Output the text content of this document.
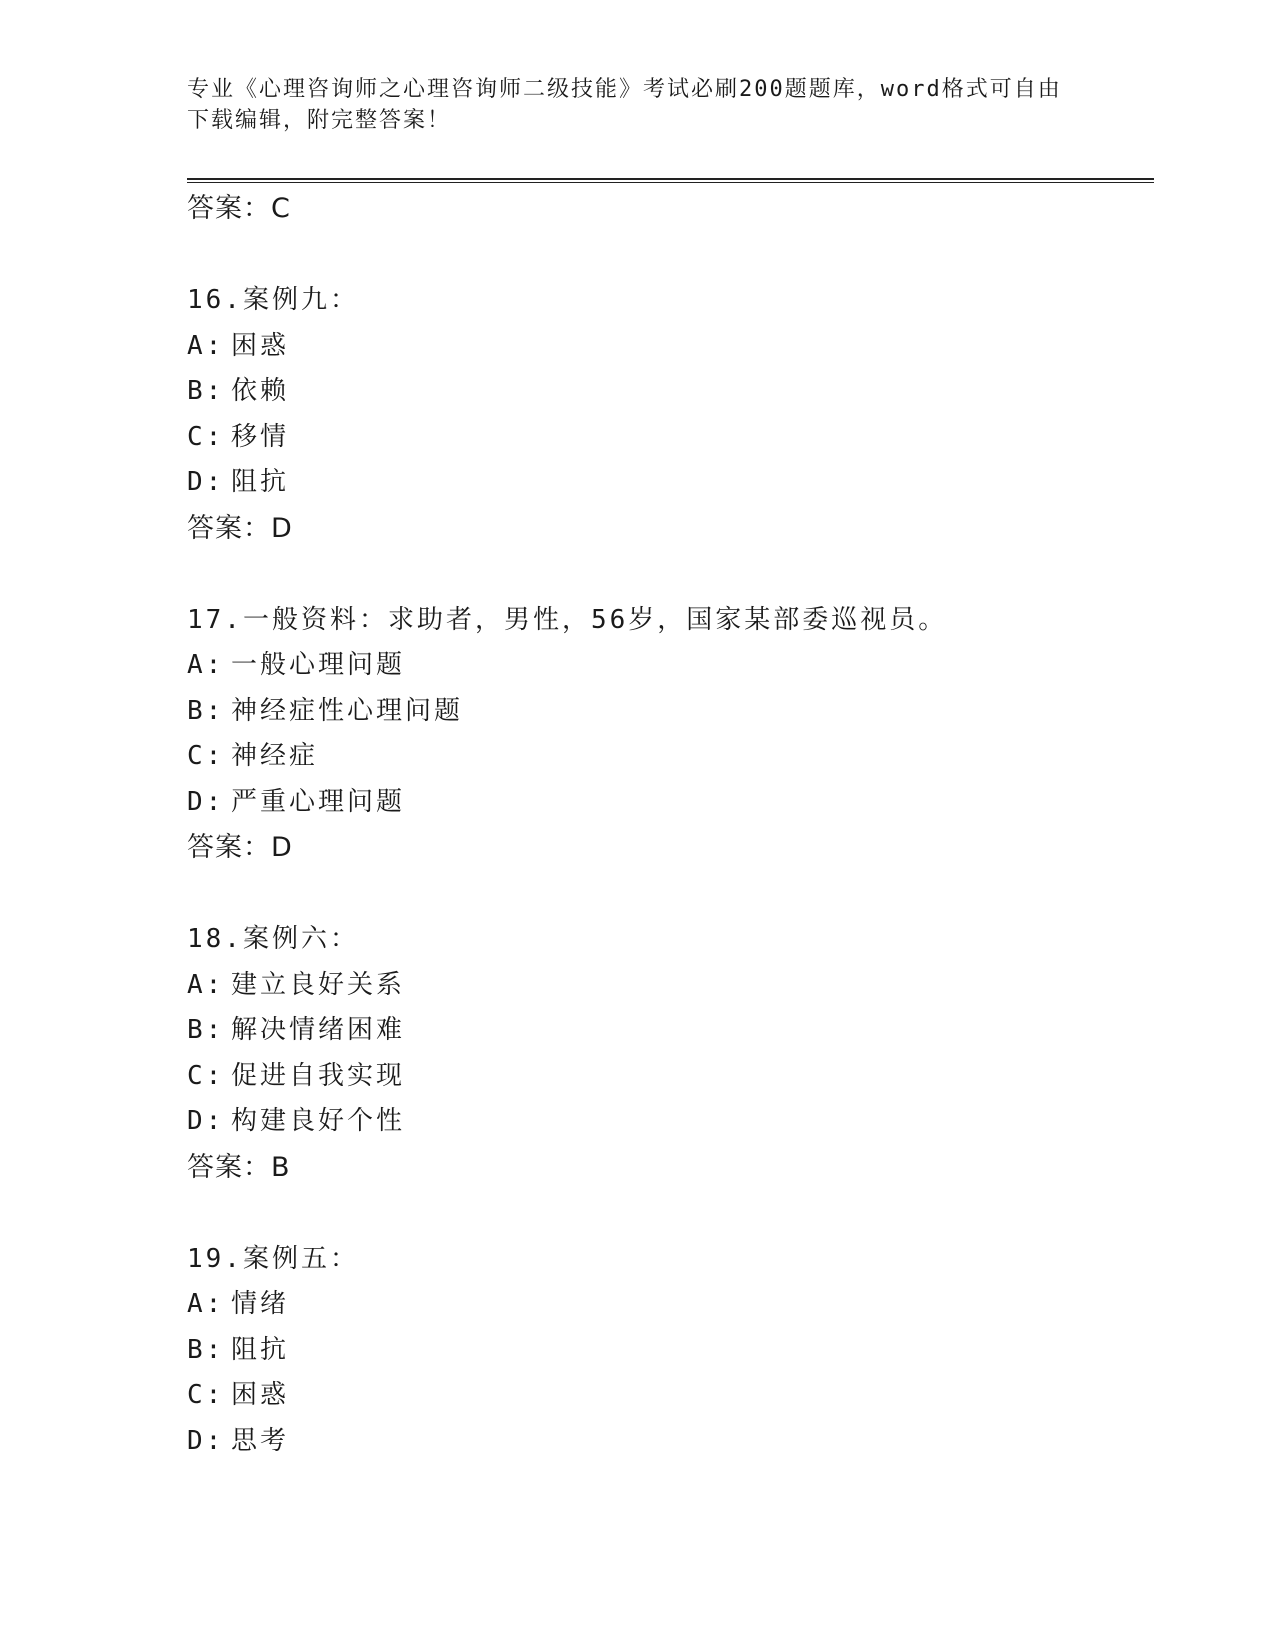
专业《心理咨询师之心理咨询师二级技能》考试必刷200题题库，word格式可自由下载编辑，附完整答案！
答案：C
16.案例九：
A: 困惑
B: 依赖
C: 移情
D: 阻抗
答案：D
17.一般资料：求助者，男性，56岁，国家某部委巡视员。
A: 一般心理问题
B: 神经症性心理问题
C: 神经症
D: 严重心理问题
答案：D
18.案例六：
A: 建立良好关系
B: 解决情绪困难
C: 促进自我实现
D: 构建良好个性
答案：B
19.案例五：
A: 情绪
B: 阻抗
C: 困惑
D: 思考
